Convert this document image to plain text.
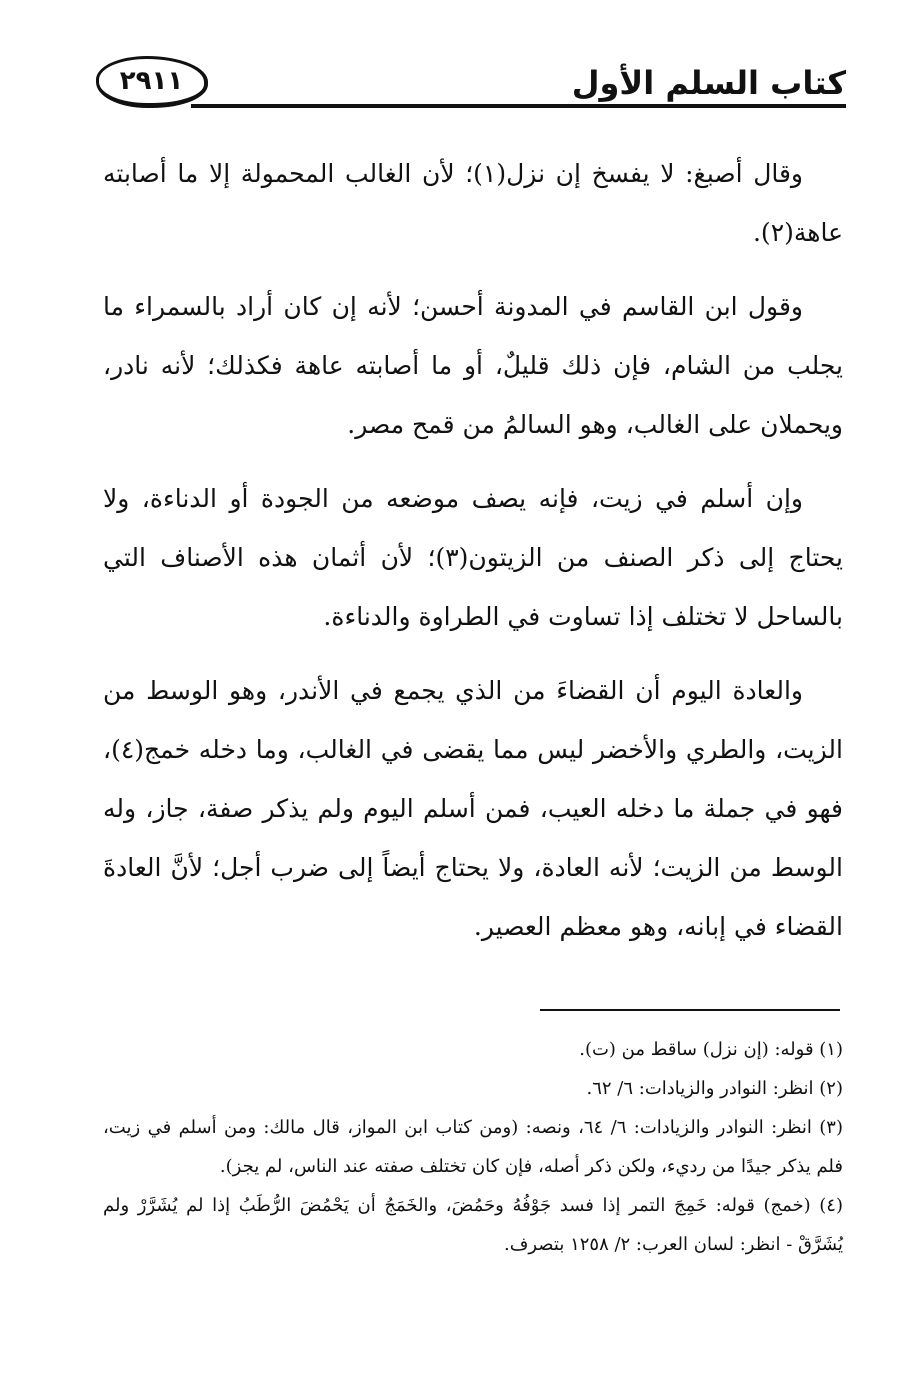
٢٩١١	كتاب السلم الأول

وقال أصبغ: لا يفسخ إن نزل(١)؛ لأن الغالب المحمولة إلا ما أصابته عاهة(٢).

وقول ابن القاسم في المدونة أحسن؛ لأنه إن كان أراد بالسمراء ما يجلب من الشام، فإن ذلك قليلٌ، أو ما أصابته عاهة فكذلك؛ لأنه نادر، ويحملان على الغالب، وهو السالمُ من قمح مصر.

وإن أسلم في زيت، فإنه يصف موضعه من الجودة أو الدناءة، ولا يحتاج إلى ذكر الصنف من الزيتون(٣)؛ لأن أثمان هذه الأصناف التي بالساحل لا تختلف إذا تساوت في الطراوة والدناءة.

والعادة اليوم أن القضاءَ من الذي يجمع في الأندر، وهو الوسط من الزيت، والطري والأخضر ليس مما يقضى في الغالب، وما دخله خمج(٤)، فهو في جملة ما دخله العيب، فمن أسلم اليوم ولم يذكر صفة، جاز، وله الوسط من الزيت؛ لأنه العادة، ولا يحتاج أيضاً إلى ضرب أجل؛ لأنَّ العادةَ القضاء في إبانه، وهو معظم العصير.

(١) قوله: (إن نزل) ساقط من (ت).

(٢) انظر: النوادر والزيادات: ٦/ ٦٢.

(٣) انظر: النوادر والزيادات: ٦/ ٦٤، ونصه: (ومن كتاب ابن المواز، قال مالك: ومن أسلم في زيت، فلم يذكر جيدًا من رديء، ولكن ذكر أصله، فإن كان تختلف صفته عند الناس، لم يجز).

(٤) (خمج) قوله: خَمِجَ التمر إذا فسد جَوْفُهُ وحَمُضَ، والخَمَجُ أن يَحْمُضَ الرُّطَبُ إذا لم يُشَرَّرْ ولم يُشَرَّقْ - انظر: لسان العرب: ٢/ ١٢٥٨ بتصرف.
